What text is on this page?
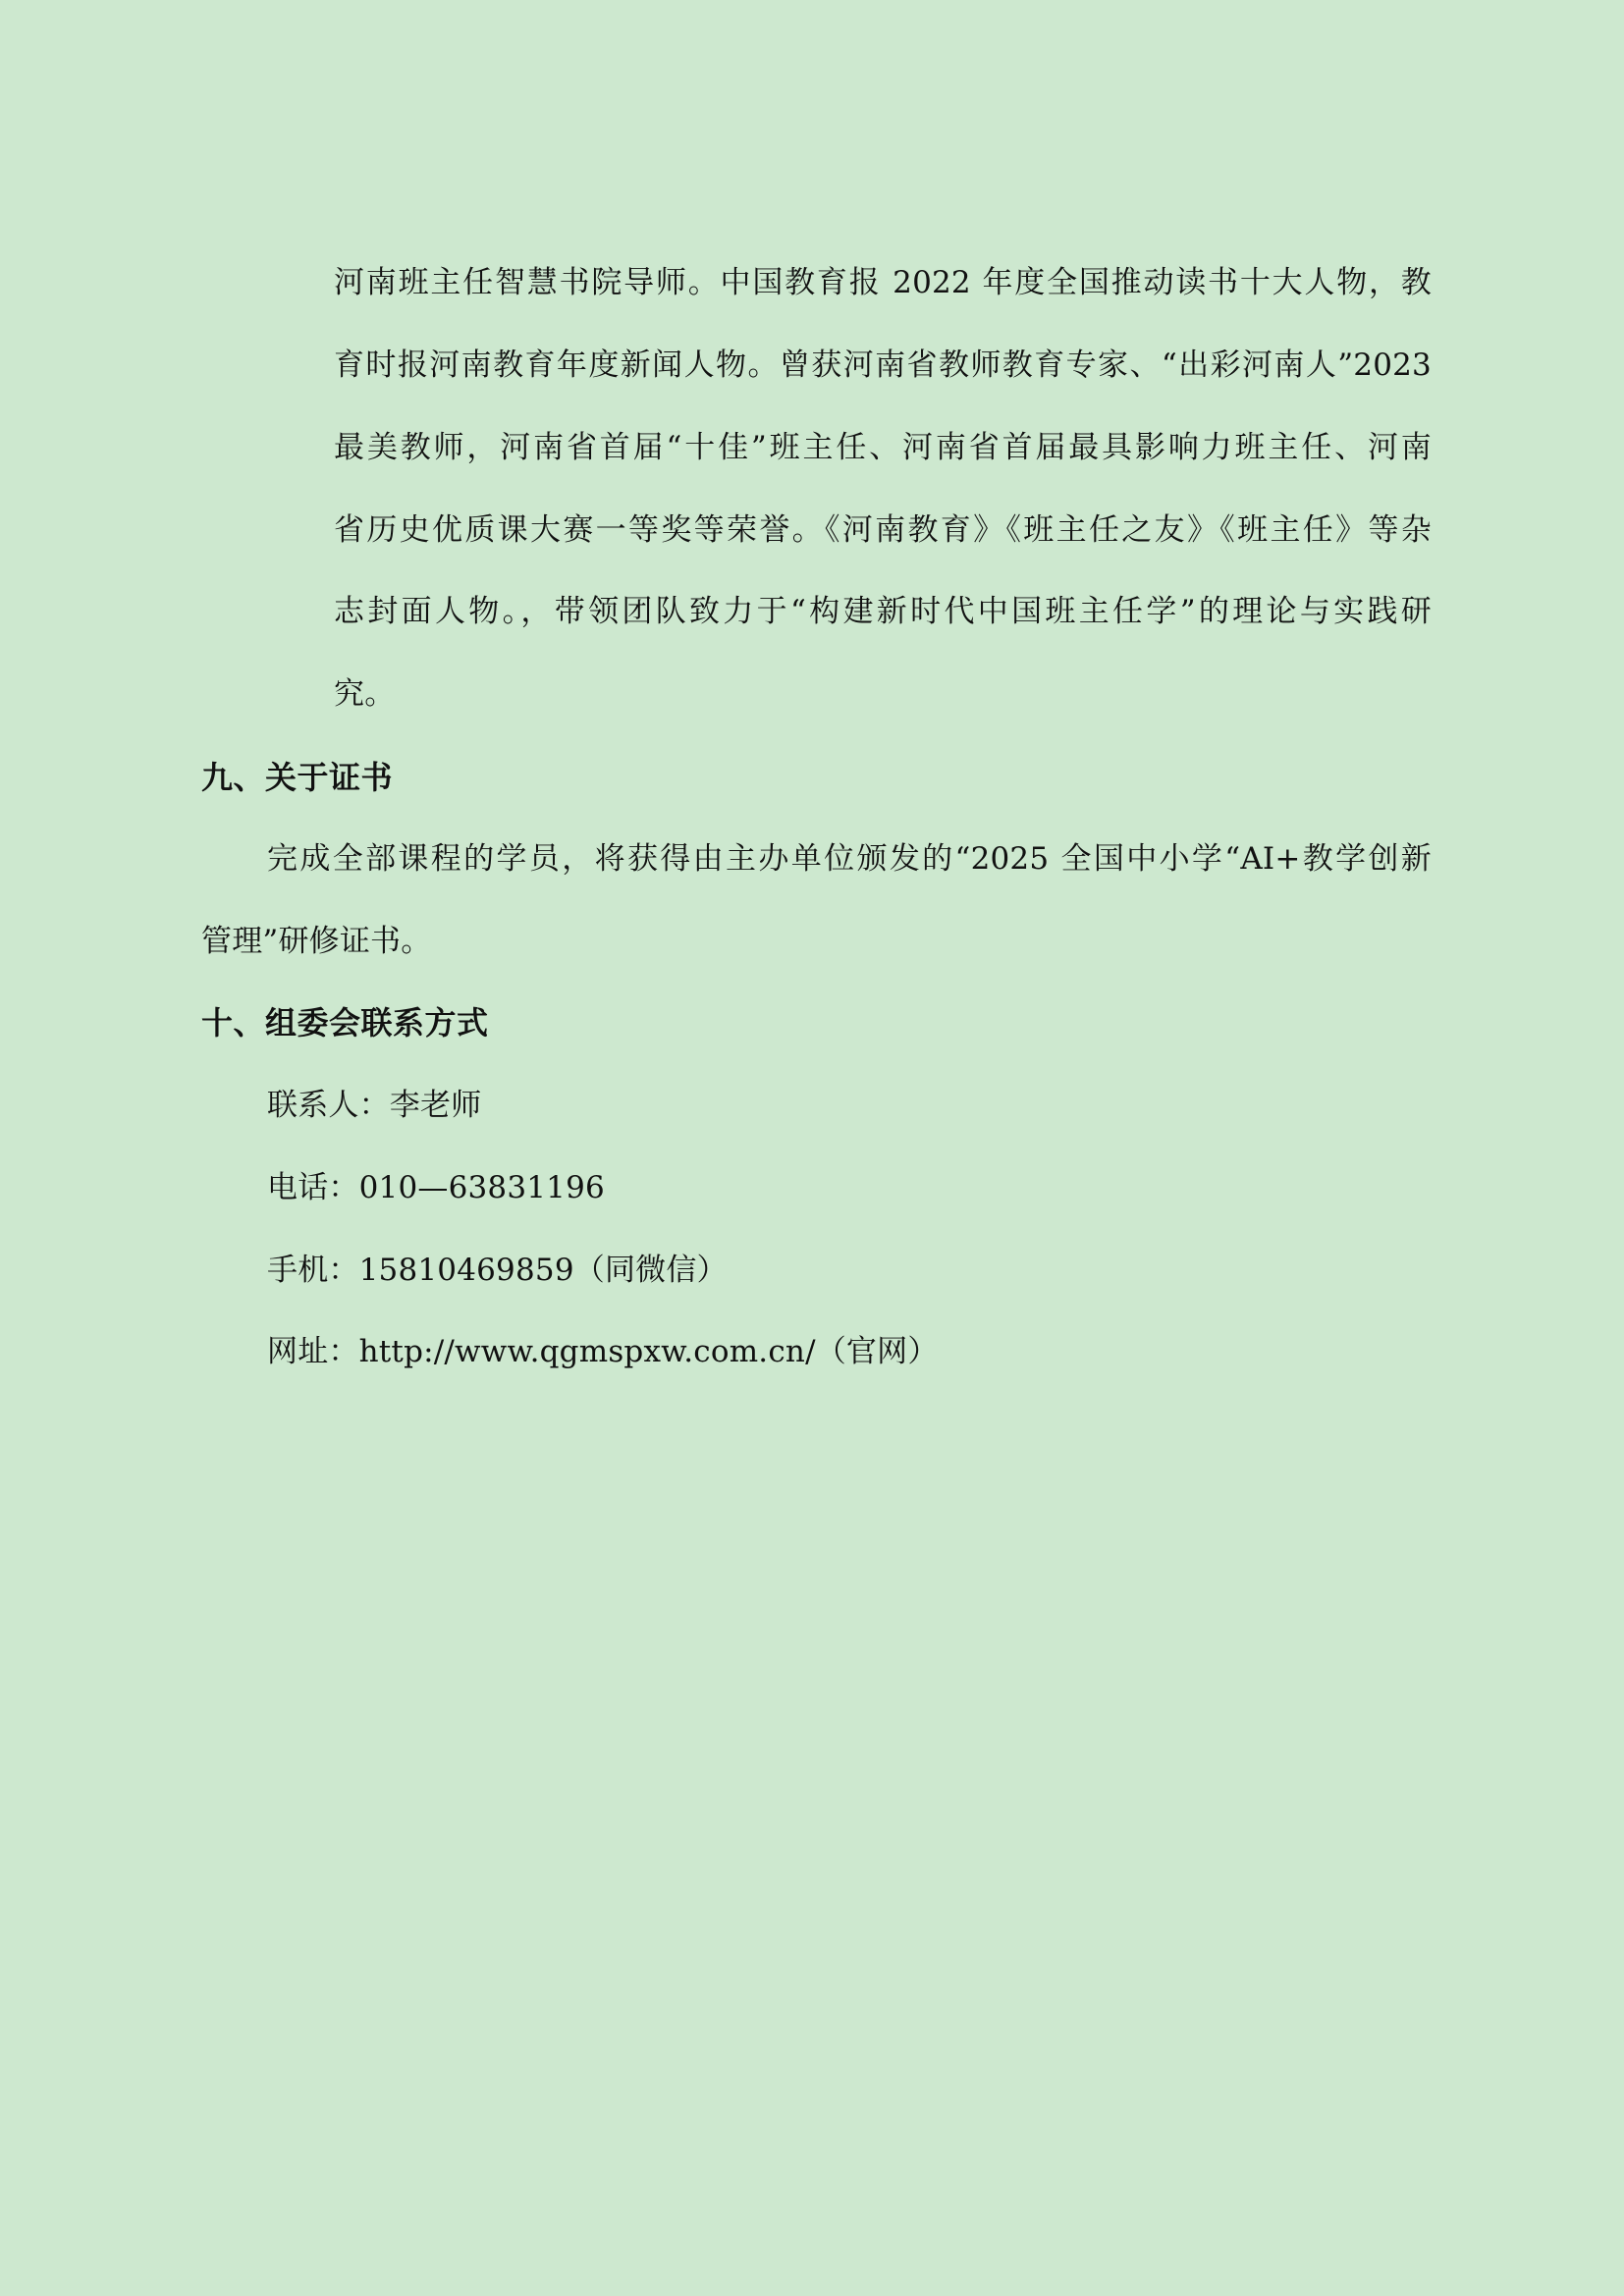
河南班主任智慧书院导师。中国教育报 2022 年度全国推动读书十大人物，教
育时报河南教育年度新闻人物。曾获河南省教师教育专家、“出彩河南人”2023
最美教师，河南省首届“十佳”班主任、河南省首届最具影响力班主任、河南
省历史优质课大赛一等奖等荣誉。《河南教育》《班主任之友》《班主任》等杂
志封面人物。，带领团队致力于“构建新时代中国班主任学”的理论与实践研
究。
九、关于证书
完成全部课程的学员，将获得由主办单位颁发的“2025 全国中小学“AI+教学创新
管理”研修证书。
十、组委会联系方式
联系人：李老师
电话：010—63831196
手机：15810469859（同微信）
网址：http://www.qgmspxw.com.cn/（官网）
